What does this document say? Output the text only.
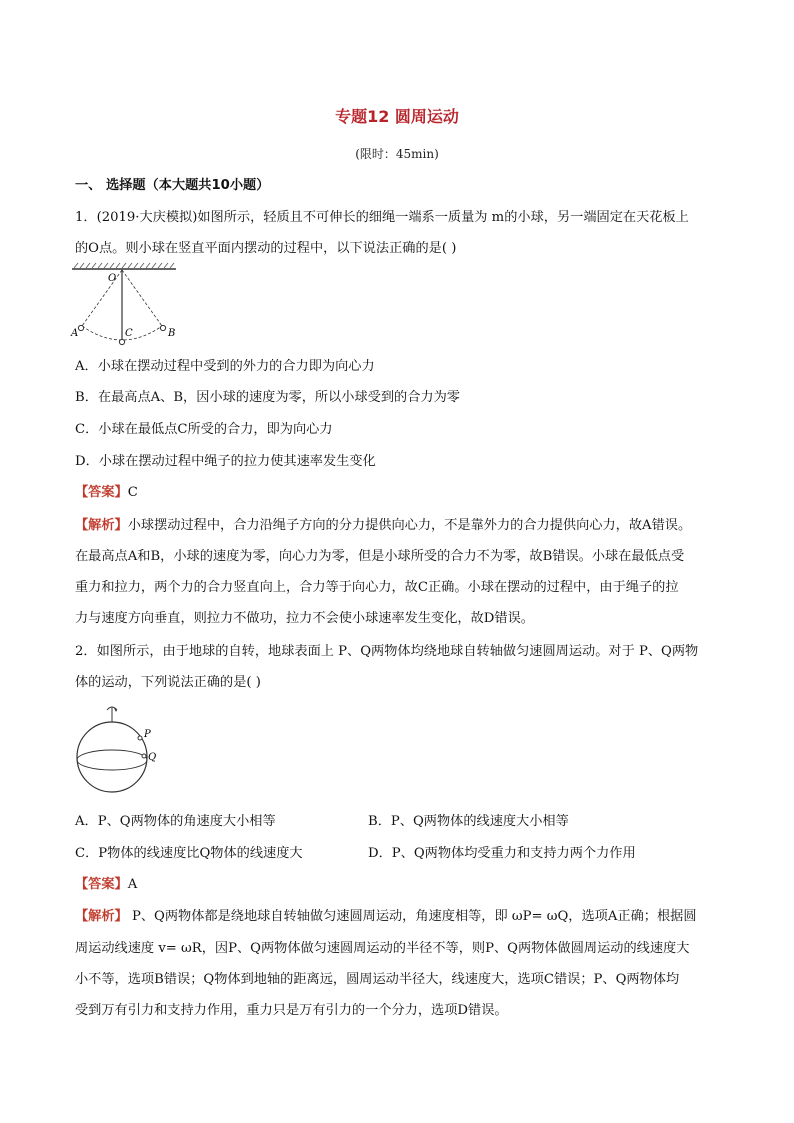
专题12 圆周运动
(限时：45min)
一、 选择题（本大题共10小题）
1．(2019·大庆模拟)如图所示，轻质且不可伸长的细绳一端系一质量为 m的小球，另一端固定在天花板上
的O点。则小球在竖直平面内摆动的过程中，以下说法正确的是( )
O
A	B
C
A．小球在摆动过程中受到的外力的合力即为向心力
B．在最高点A、B，因小球的速度为零，所以小球受到的合力为零
C．小球在最低点C所受的合力，即为向心力
D．小球在摆动过程中绳子的拉力使其速率发生变化
【答案】C
【解析】小球摆动过程中，合力沿绳子方向的分力提供向心力，不是靠外力的合力提供向心力，故A错误。
在最高点A和B，小球的速度为零，向心力为零，但是小球所受的合力不为零，故B错误。小球在最低点受
重力和拉力，两个力的合力竖直向上，合力等于向心力，故C正确。小球在摆动的过程中，由于绳子的拉
力与速度方向垂直，则拉力不做功，拉力不会使小球速率发生变化，故D错误。
2．如图所示，由于地球的自转，地球表面上 P、Q两物体均绕地球自转轴做匀速圆周运动。对于 P、Q两物
体的运动，下列说法正确的是( )
P
Q
A．P、Q两物体的角速度大小相等	B．P、Q两物体的线速度大小相等
C．P物体的线速度比Q物体的线速度大	D．P、Q两物体均受重力和支持力两个力作用
【答案】A
【解析】 P、Q两物体都是绕地球自转轴做匀速圆周运动，角速度相等，即 ωP= ωQ，选项A正确；根据圆
周运动线速度 v= ωR，因P、Q两物体做匀速圆周运动的半径不等，则P、Q两物体做圆周运动的线速度大
小不等，选项B错误；Q物体到地轴的距离远，圆周运动半径大，线速度大，选项C错误；P、Q两物体均
受到万有引力和支持力作用，重力只是万有引力的一个分力，选项D错误。
